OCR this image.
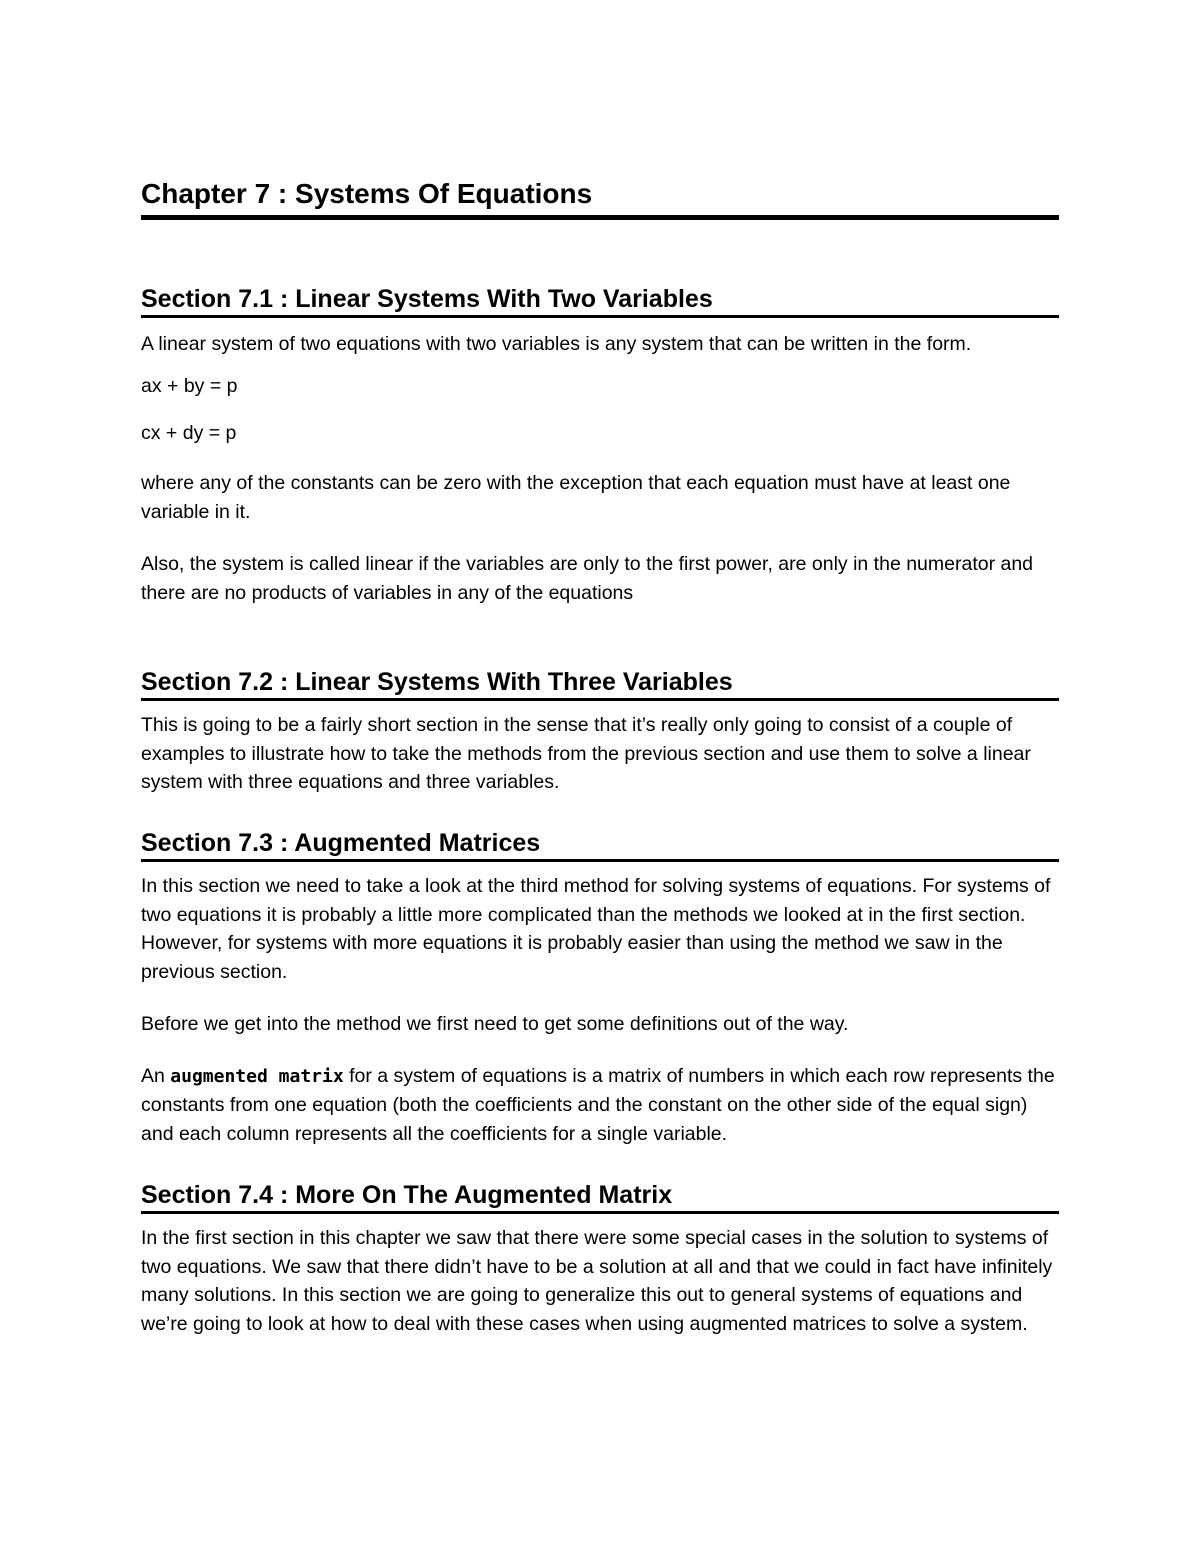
Chapter 7 : Systems Of Equations
Section 7.1 : Linear Systems With Two Variables

A linear system of two equations with two variables is any system that can be written in the form.

ax + by = p

cx + dy = p

where any of the constants can be zero with the exception that each equation must have at least one variable in it.

Also, the system is called linear if the variables are only to the first power, are only in the numerator and there are no products of variables in any of the equations

Section 7.2 : Linear Systems With Three Variables

This is going to be a fairly short section in the sense that it’s really only going to consist of a couple of examples to illustrate how to take the methods from the previous section and use them to solve a linear system with three equations and three variables.

Section 7.3 : Augmented Matrices

In this section we need to take a look at the third method for solving systems of equations. For systems of two equations it is probably a little more complicated than the methods we looked at in the first section. However, for systems with more equations it is probably easier than using the method we saw in the previous section.

Before we get into the method we first need to get some definitions out of the way.

An augmented matrix for a system of equations is a matrix of numbers in which each row represents the constants from one equation (both the coefficients and the constant on the other side of the equal sign) and each column represents all the coefficients for a single variable.

Section 7.4 : More On The Augmented Matrix

In the first section in this chapter we saw that there were some special cases in the solution to systems of two equations. We saw that there didn’t have to be a solution at all and that we could in fact have infinitely many solutions. In this section we are going to generalize this out to general systems of equations and we’re going to look at how to deal with these cases when using augmented matrices to solve a system.
